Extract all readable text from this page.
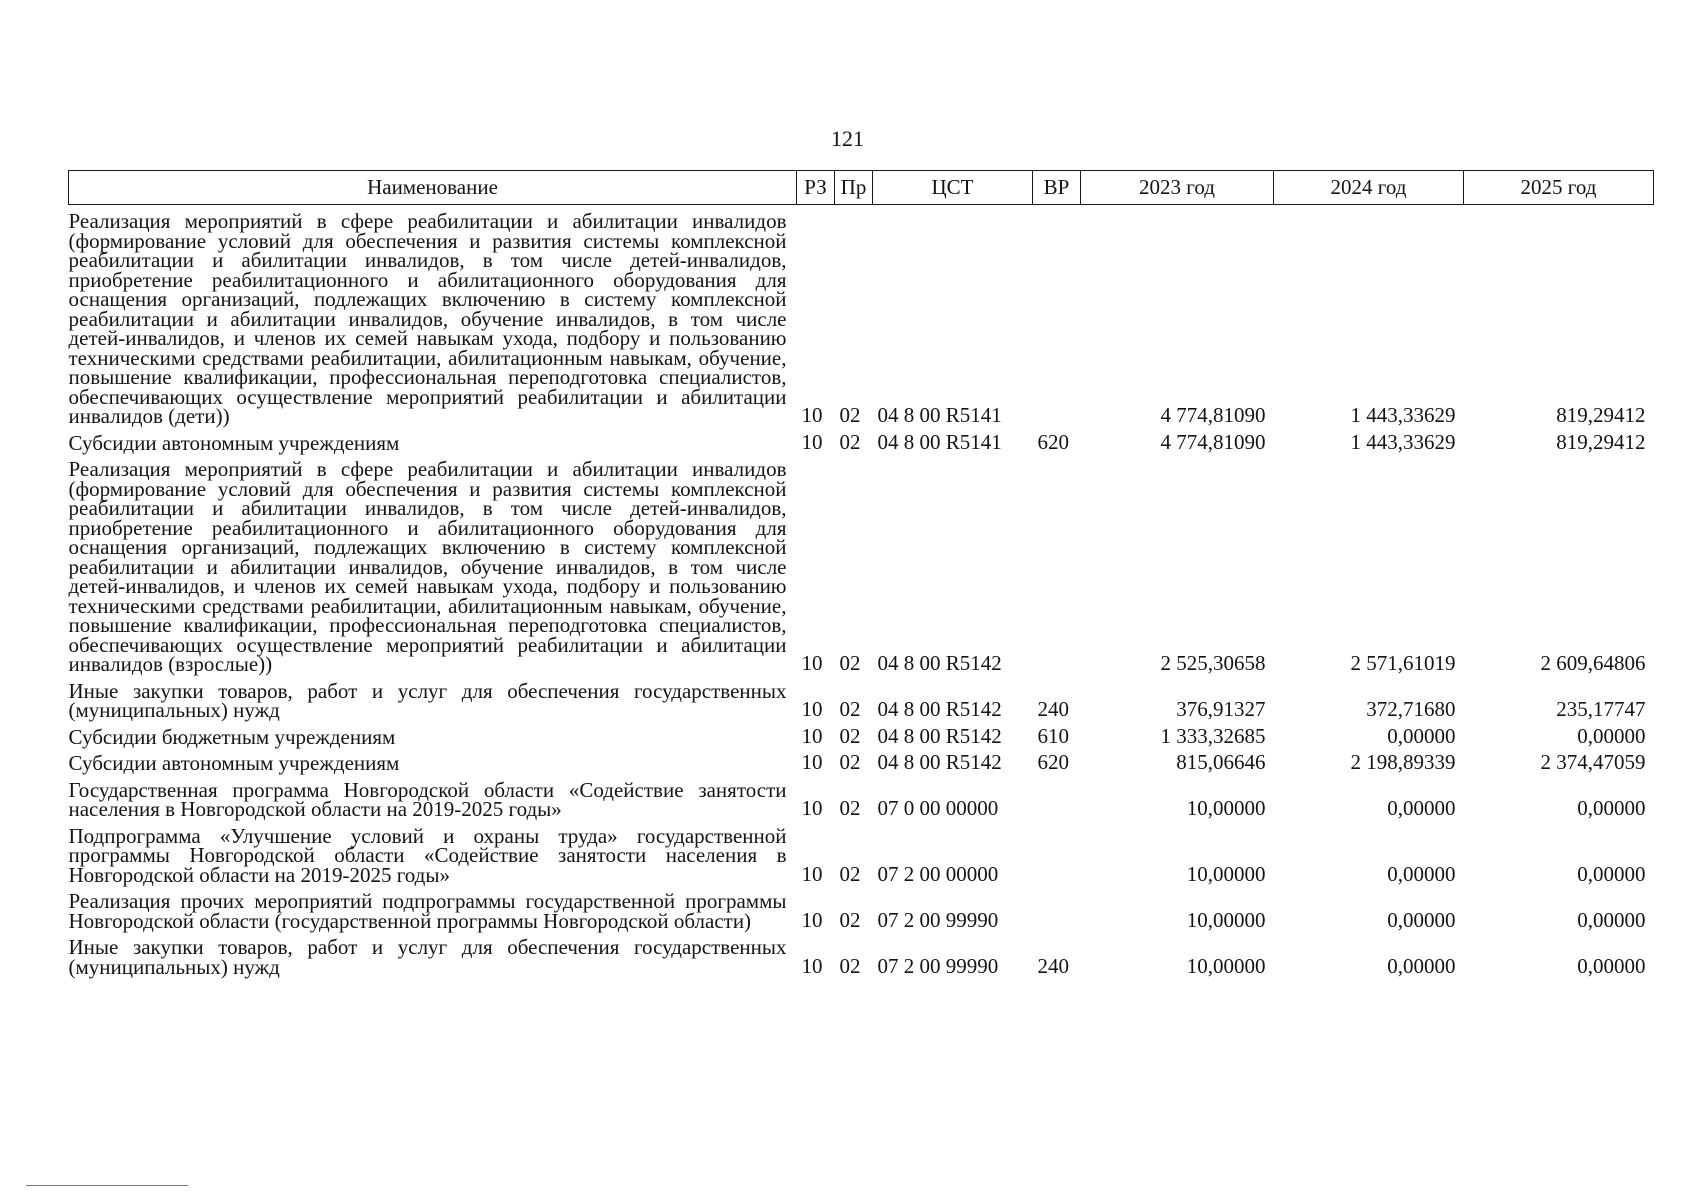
121
Наименование	РЗ	Пр	ЦСТ	ВР	2023 год	2024 год	2025 год
Реализация мероприятий в сфере реабилитации и абилитации инвалидов (формирование условий для обеспечения и развития системы комплексной реабилитации и абилитации инвалидов, в том числе детей-инвалидов, приобретение реабилитационного и абилитационного оборудования для оснащения организаций, подлежащих включению в систему комплексной реабилитации и абилитации инвалидов, обучение инвалидов, в том числе детей-инвалидов, и членов их семей навыкам ухода, подбору и пользованию техническими средствами реабилитации, абилитационным навыкам, обучение, повышение квалификации, профессиональная переподготовка специалистов, обеспечивающих осуществление мероприятий реабилитации и абилитации инвалидов (дети))	10	02	04 8 00 R5141		4 774,81090	1 443,33629	819,29412
Субсидии автономным учреждениям	10	02	04 8 00 R5141	620	4 774,81090	1 443,33629	819,29412
Реализация мероприятий в сфере реабилитации и абилитации инвалидов (формирование условий для обеспечения и развития системы комплексной реабилитации и абилитации инвалидов, в том числе детей-инвалидов, приобретение реабилитационного и абилитационного оборудования для оснащения организаций, подлежащих включению в систему комплексной реабилитации и абилитации инвалидов, обучение инвалидов, в том числе детей-инвалидов, и членов их семей навыкам ухода, подбору и пользованию техническими средствами реабилитации, абилитационным навыкам, обучение, повышение квалификации, профессиональная переподготовка специалистов, обеспечивающих осуществление мероприятий реабилитации и абилитации инвалидов (взрослые))	10	02	04 8 00 R5142		2 525,30658	2 571,61019	2 609,64806
Иные закупки товаров, работ и услуг для обеспечения государственных (муниципальных) нужд	10	02	04 8 00 R5142	240	376,91327	372,71680	235,17747
Субсидии бюджетным учреждениям	10	02	04 8 00 R5142	610	1 333,32685	0,00000	0,00000
Субсидии автономным учреждениям	10	02	04 8 00 R5142	620	815,06646	2 198,89339	2 374,47059
Государственная программа Новгородской области «Содействие занятости населения в Новгородской области на 2019-2025 годы»	10	02	07 0 00 00000		10,00000	0,00000	0,00000
Подпрограмма «Улучшение условий и охраны труда» государственной программы Новгородской области «Содействие занятости населения в Новгородской области на 2019-2025 годы»	10	02	07 2 00 00000		10,00000	0,00000	0,00000
Реализация прочих мероприятий подпрограммы государственной программы Новгородской области (государственной программы Новгородской области)	10	02	07 2 00 99990		10,00000	0,00000	0,00000
Иные закупки товаров, работ и услуг для обеспечения государственных (муниципальных) нужд	10	02	07 2 00 99990	240	10,00000	0,00000	0,00000
